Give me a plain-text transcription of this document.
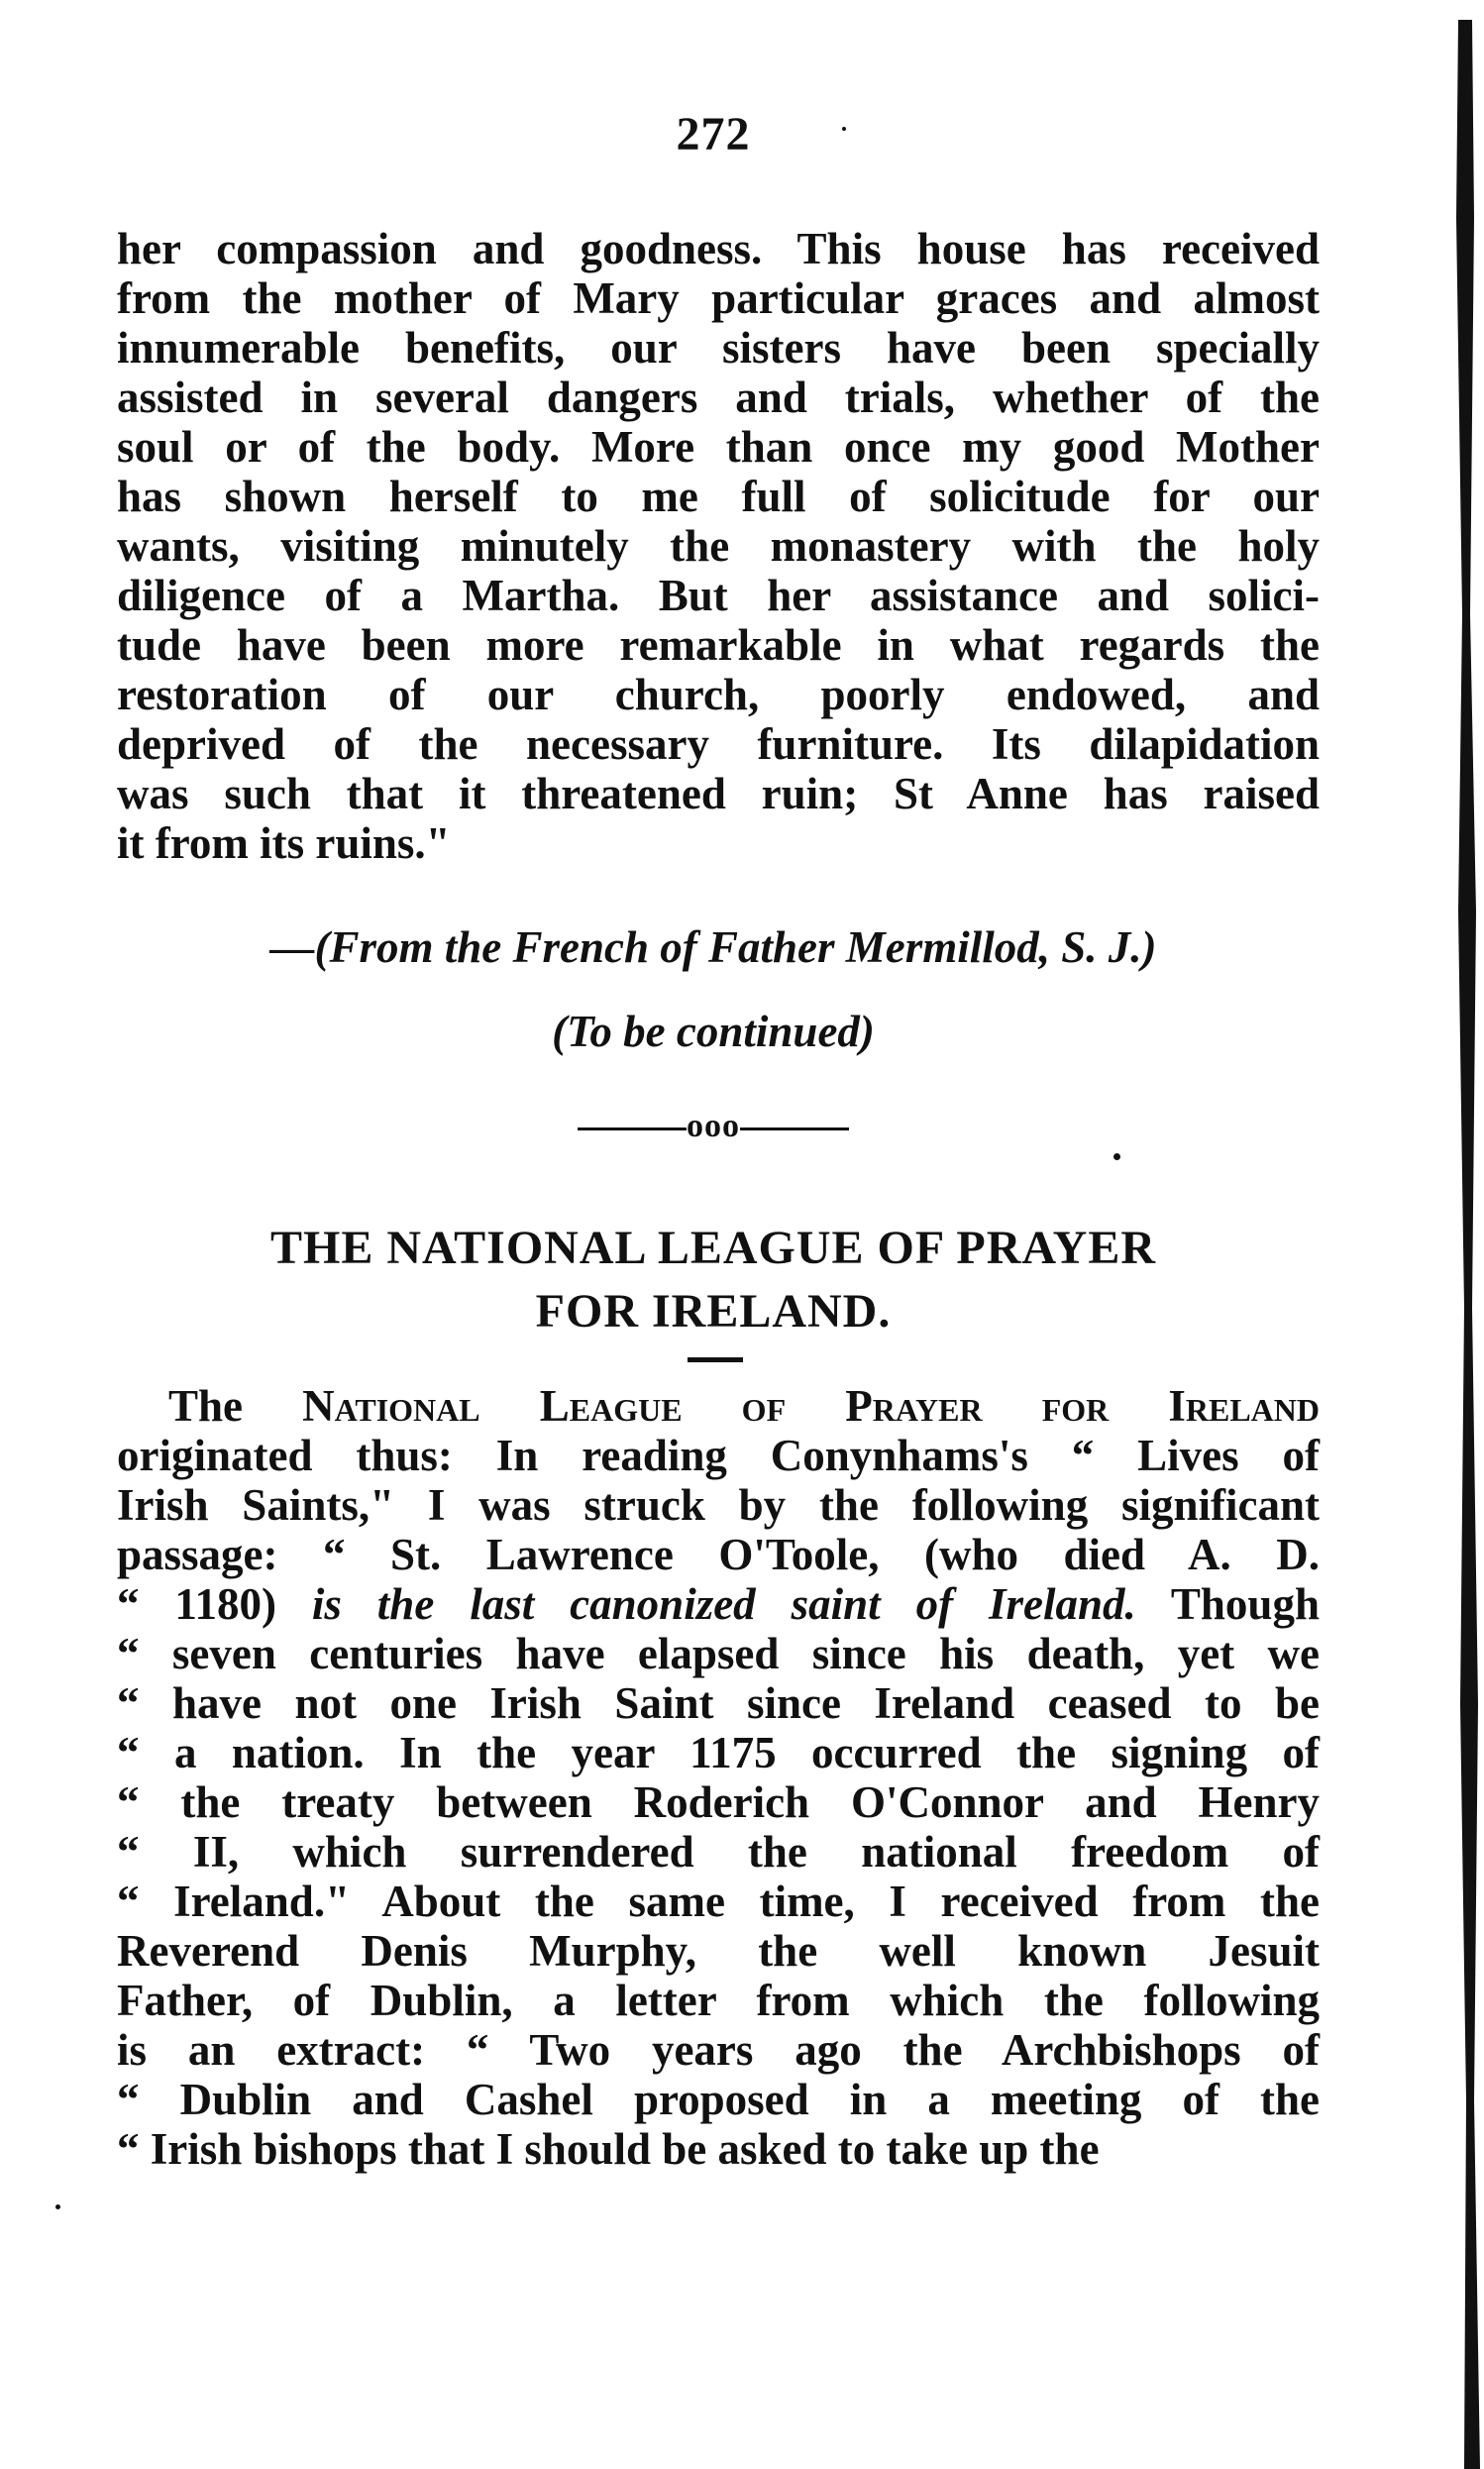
272
her compassion and goodness. This house has received
from the mother of Mary particular graces and almost
innumerable benefits, our sisters have been specially
assisted in several dangers and trials, whether of the
soul or of the body. More than once my good Mother
has shown herself to me full of solicitude for our
wants, visiting minutely the monastery with the holy
diligence of a Martha. But her assistance and solici-
tude have been more remarkable in what regards the
restoration of our church, poorly endowed, and
deprived of the necessary furniture. Its dilapidation
was such that it threatened ruin; St Anne has raised
it from its ruins."
—(From the French of Father Mermillod, S. J.)
(To be continued)
ooo
THE NATIONAL LEAGUE OF PRAYER
FOR IRELAND.
The National League of Prayer for Ireland
originated thus: In reading Conynhams's “ Lives of
Irish Saints," I was struck by the following significant
passage: “ St. Lawrence O'Toole, (who died A. D.
“ 1180) is the last canonized saint of Ireland. Though
“ seven centuries have elapsed since his death, yet we
“ have not one Irish Saint since Ireland ceased to be
“ a nation. In the year 1175 occurred the signing of
“ the treaty between Roderich O'Connor and Henry
“ II, which surrendered the national freedom of
“ Ireland." About the same time, I received from the
Reverend Denis Murphy, the well known Jesuit
Father, of Dublin, a letter from which the following
is an extract: “ Two years ago the Archbishops of
“ Dublin and Cashel proposed in a meeting of the
“ Irish bishops that I should be asked to take up the
